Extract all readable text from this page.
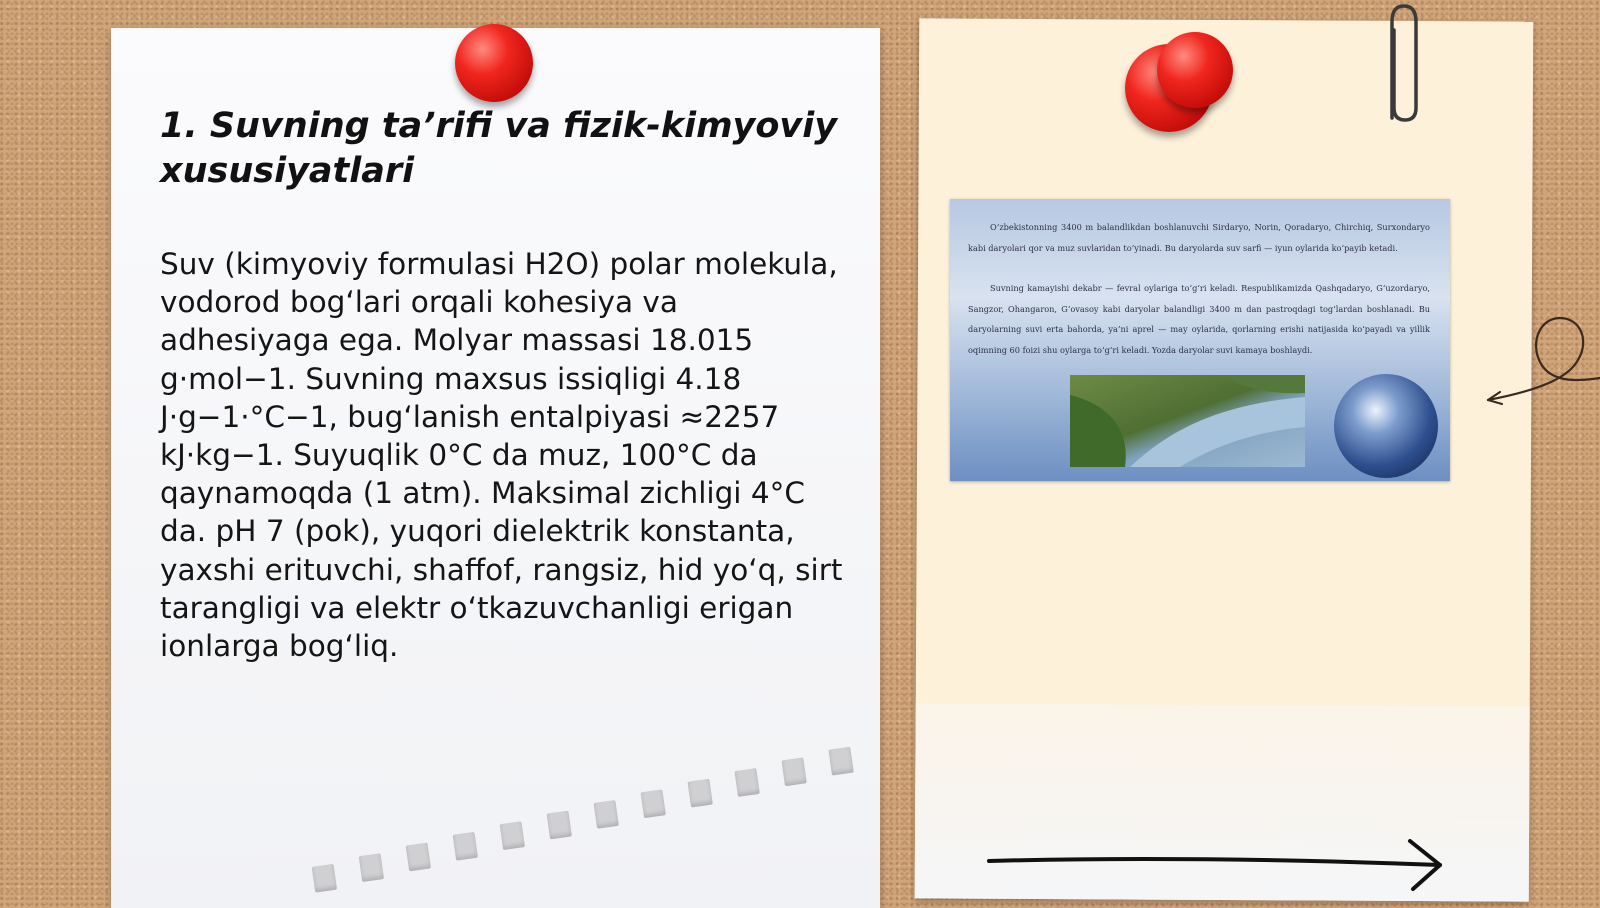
1. Suvning ta’rifi va fizik-kimyoviy xususiyatlari

Suv (kimyoviy formulasi H2O) polar molekula, vodorod bog‘lari orqali kohesiya va adhesiyaga ega. Molyar massasi 18.015 g·mol−1. Suvning maxsus issiqligi 4.18 J·g−1·°C−1, bug‘lanish entalpiyasi ≈2257 kJ·kg−1. Suyuqlik 0°C da muz, 100°C da qaynamoqda (1 atm). Maksimal zichligi 4°C da. pH 7 (pok), yuqori dielektrik konstanta, yaxshi erituvchi, shaffof, rangsiz, hid yo‘q, sirt tarangligi va elektr o‘tkazuvchanligi erigan ionlarga bog‘liq.

O‘zbekistonning 3400 m balandlikdan boshlanuvchi Sirdaryo, Norin, Qoradaryo, Chirchiq, Surxondaryo kabi daryolari qor va muz suvlaridan to‘yinadi. Bu daryolarda suv sarfi — iyun oylarida ko‘payib ketadi.

Suvning kamayishi dekabr — fevral oylariga to‘g‘ri keladi. Respublikamizda Qashqadaryo, G‘uzordaryo, Sangzor, Ohangaron, G‘ovasoy kabi daryolar balandligi 3400 m dan pastroqdagi tog‘lardan boshlanadi. Bu daryolarning suvi erta bahorda, ya’ni aprel — may oylarida, qorlarning erishi natijasida ko‘payadi va yillik oqimning 60 foizi shu oylarga to‘g‘ri keladi. Yozda daryolar suvi kamaya boshlaydi.
